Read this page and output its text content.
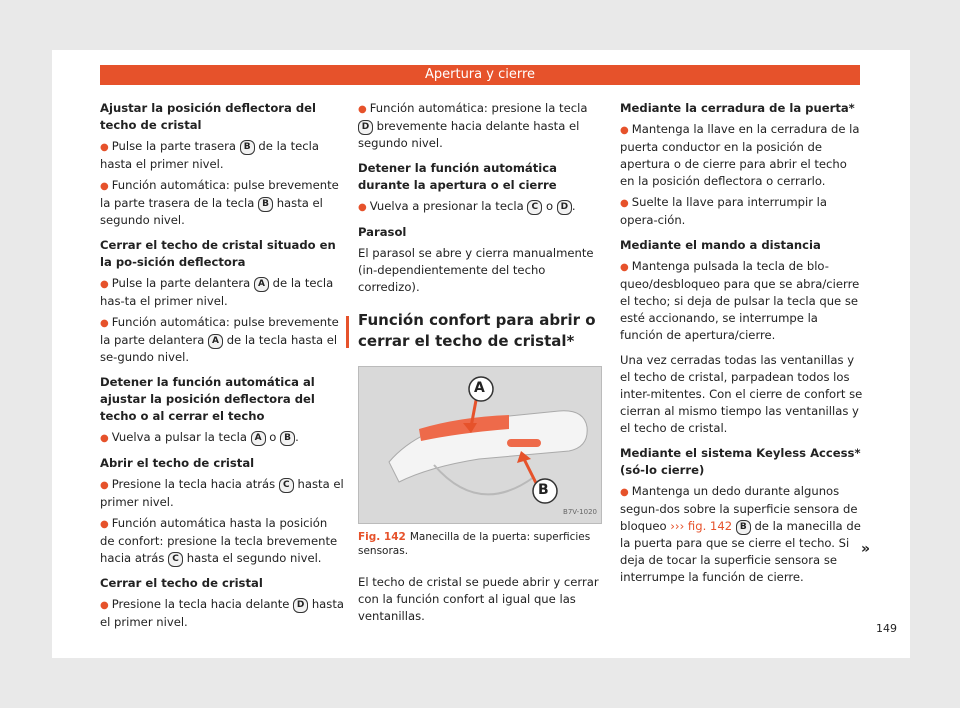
Apertura y cierre
Ajustar la posición deflectora del techo de cristal
● Pulse la parte trasera B de la tecla hasta el primer nivel.
● Función automática: pulse brevemente la parte trasera de la tecla B hasta el segundo nivel.

Cerrar el techo de cristal situado en la po-sición deflectora
● Pulse la parte delantera A de la tecla has-ta el primer nivel.
● Función automática: pulse brevemente la parte delantera A de la tecla hasta el se-gundo nivel.

Detener la función automática al ajustar la posición deflectora del techo o al cerrar el techo
● Vuelva a pulsar la tecla A o B .

Abrir el techo de cristal
● Presione la tecla hacia atrás C hasta el primer nivel.
● Función automática hasta la posición de confort: presione la tecla brevemente hacia atrás C hasta el segundo nivel.

Cerrar el techo de cristal
● Presione la tecla hacia delante D hasta el primer nivel.
● Función automática: presione la tecla D brevemente hacia delante hasta el segundo nivel.

Detener la función automática durante la apertura o el cierre
● Vuelva a presionar la tecla C o D .

Parasol

El parasol se abre y cierra manualmente (in-dependientemente del techo corredizo).

Función confort para abrir o cerrar el techo de cristal*
A
B
B7V-1020
Fig. 142 Manecilla de la puerta: superficies sensoras.

El techo de cristal se puede abrir y cerrar con la función confort al igual que las ventanillas.

Mediante la cerradura de la puerta*
● Mantenga la llave en la cerradura de la puerta conductor en la posición de apertura o de cierre para abrir el techo en la posición deflectora o cerrarlo.
● Suelte la llave para interrumpir la opera-ción.

Mediante el mando a distancia
● Mantenga pulsada la tecla de blo-queo/desbloqueo para que se abra/cierre el techo; si deja de pulsar la tecla que se esté accionando, se interrumpe la función de apertura/cierre.

Una vez cerradas todas las ventanillas y el techo de cristal, parpadean todos los inter-mitentes. Con el cierre de confort se cierran al mismo tiempo las ventanillas y el techo de cristal.

Mediante el sistema Keyless Access* (só-lo cierre)
● Mantenga un dedo durante algunos segun-dos sobre la superficie sensora de bloqueo ››› fig. 142 B de la manecilla de la puerta para que se cierre el techo. Si deja de tocar la superficie sensora se interrumpe la función de cierre.
»
149
